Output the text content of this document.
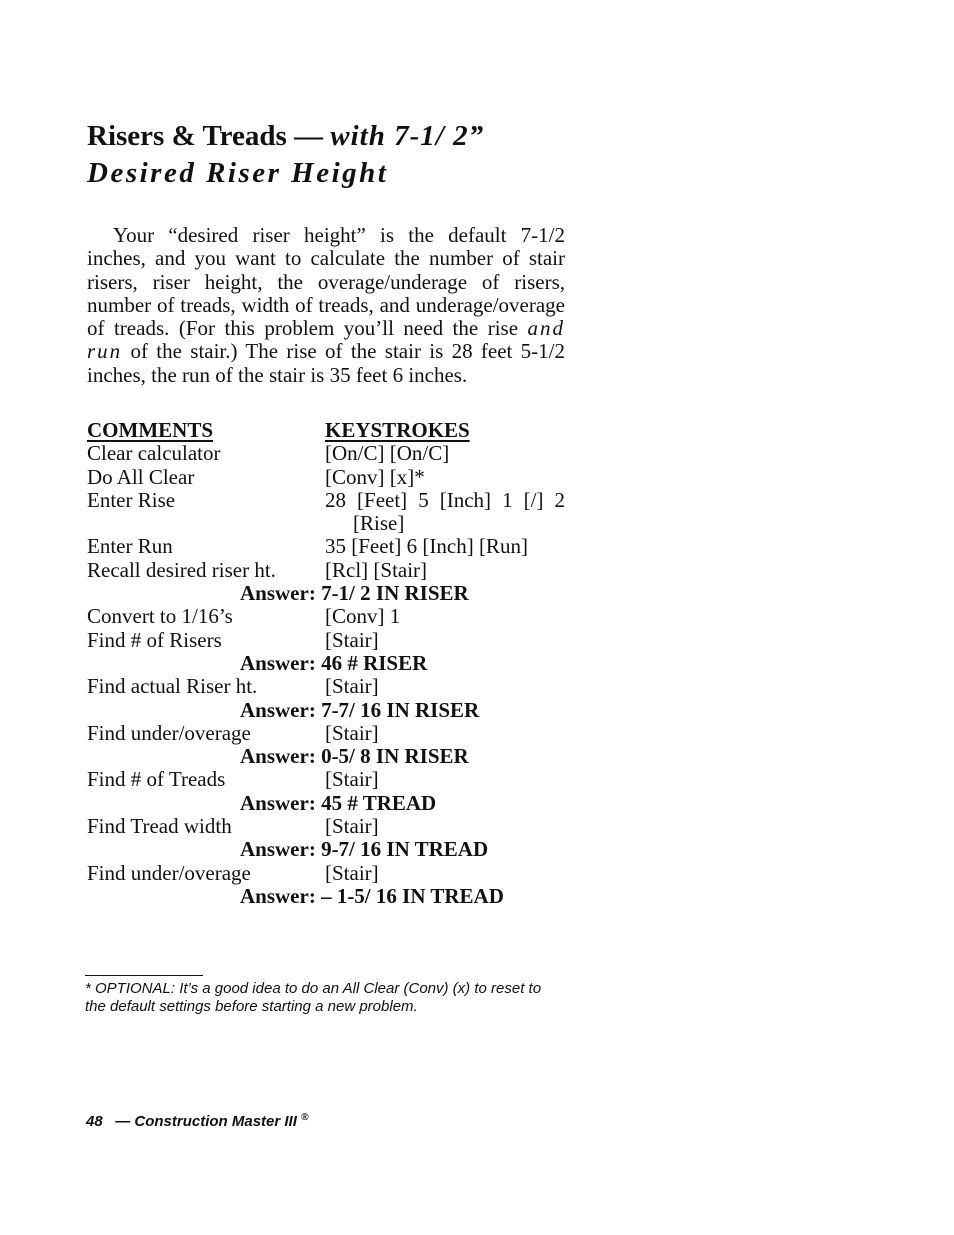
Risers & Treads — with 7-1/ 2”
Desired Riser Height

Your “desired riser height” is the default 7-1/2 inches, and you want to calculate the number of stair risers, riser height, the overage/underage of risers, number of treads, width of treads, and underage/overage of treads. (For this problem you’ll need the rise and run of the stair.) The rise of the stair is 28 feet 5-1/2 inches, the run of the stair is 35 feet 6 inches.

COMMENTS	KEYSTROKES
Clear calculator	[On/C] [On/C]
Do All Clear	[Conv] [x]*
Enter Rise	28 [Feet] 5 [Inch] 1 [/] 2
[Rise]
Enter Run	35 [Feet] 6 [Inch] [Run]
Recall desired riser ht. [Rcl] [Stair]
Answer: 7-1/ 2 IN RISER
Convert to 1/16’s	[Conv] 1
Find # of Risers	[Stair]
Answer: 46 # RISER
Find actual Riser ht.	[Stair]
Answer: 7-7/ 16 IN RISER
Find under/overage	[Stair]
Answer: 0-5/ 8 IN RISER
Find # of Treads	[Stair]
Answer: 45 # TREAD
Find Tread width	[Stair]
Answer: 9-7/ 16 IN TREAD
Find under/overage	[Stair]
Answer: – 1-5/ 16 IN TREAD
* OPTIONAL: It’s a good idea to do an All Clear (Conv) (x) to reset to the default settings before starting a new problem.
48 — Construction Master III ®
